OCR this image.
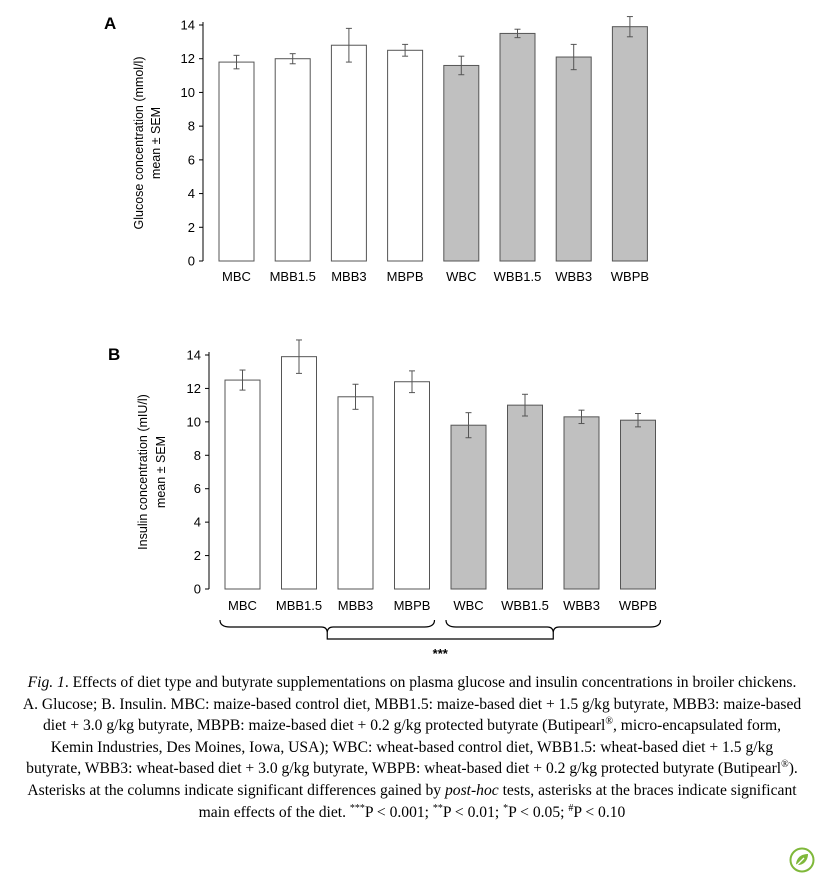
A
0
2
4
6
8
10
12
14
Glucose concentration (mmol/l) mean ± SEM
MBC MBB1.5 MBB3 MBPB WBC WBB1.5 WBB3 WBPB
B
0
2
4
6
8
10
12
14
Insulin concentration (mIU/l) mean ± SEM
MBC MBB1.5 MBB3 MBPB WBC WBB1.5 WBB3 WBPB
***

Fig. 1. Effects of diet type and butyrate supplementations on plasma glucose and insulin concentrations in broiler chickens. A. Glucose; B. Insulin. MBC: maize-based control diet, MBB1.5: maize-based diet + 1.5 g/kg butyrate, MBB3: maize-based diet + 3.0 g/kg butyrate, MBPB: maize-based diet + 0.2 g/kg protected butyrate (Butipearl®, micro-encapsulated form, Kemin Industries, Des Moines, Iowa, USA); WBC: wheat-based control diet, WBB1.5: wheat-based diet + 1.5 g/kg butyrate, WBB3: wheat-based diet + 3.0 g/kg butyrate, WBPB: wheat-based diet + 0.2 g/kg protected butyrate (Butipearl®). Asterisks at the columns indicate significant differences gained by post-hoc tests, asterisks at the braces indicate significant main effects of the diet. ***P < 0.001; **P < 0.01; *P < 0.05; #P < 0.10
